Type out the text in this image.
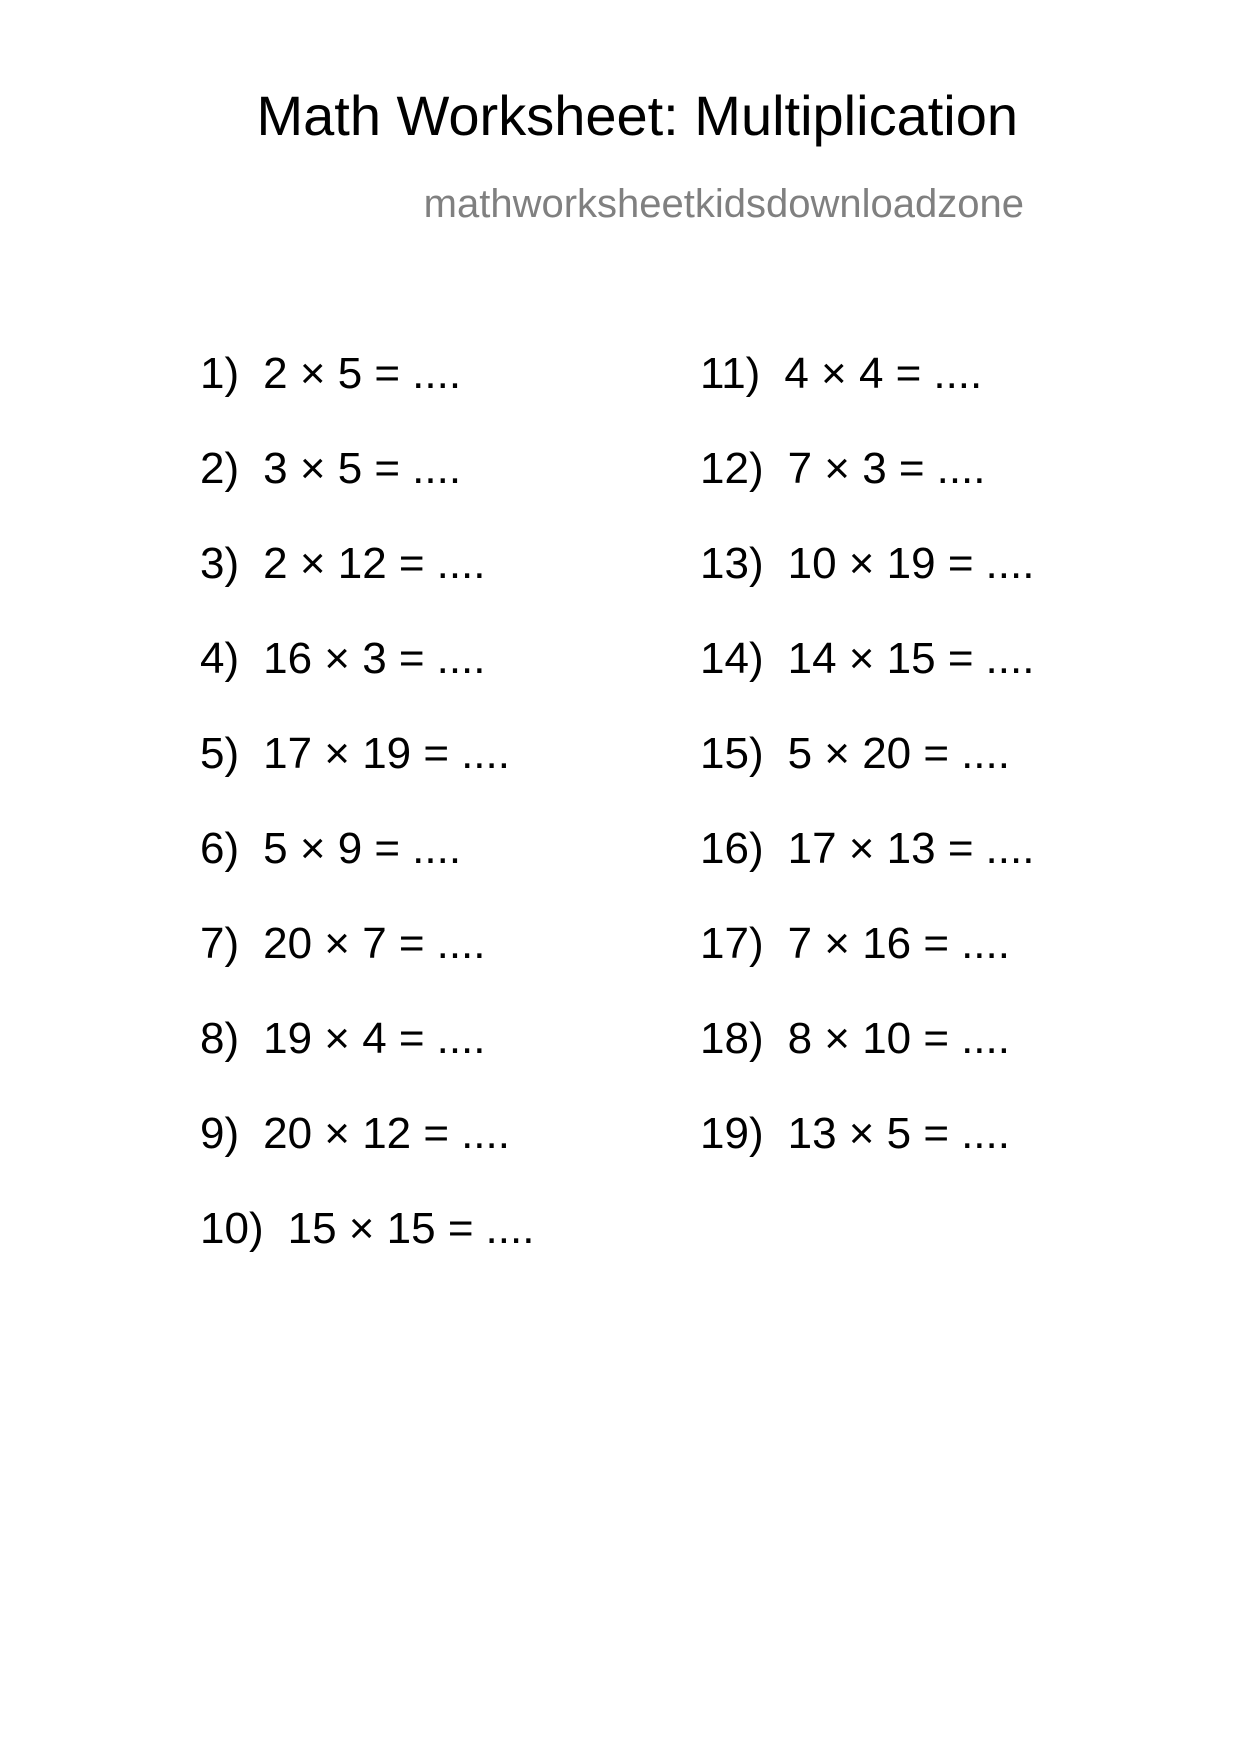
Math Worksheet: Multiplication
mathworksheetkidsdownloadzone
1) 2 × 5 = ....
2) 3 × 5 = ....
3) 2 × 12 = ....
4) 16 × 3 = ....
5) 17 × 19 = ....
6) 5 × 9 = ....
7) 20 × 7 = ....
8) 19 × 4 = ....
9) 20 × 12 = ....
10) 15 × 15 = ....
11) 4 × 4 = ....
12) 7 × 3 = ....
13) 10 × 19 = ....
14) 14 × 15 = ....
15) 5 × 20 = ....
16) 17 × 13 = ....
17) 7 × 16 = ....
18) 8 × 10 = ....
19) 13 × 5 = ....
